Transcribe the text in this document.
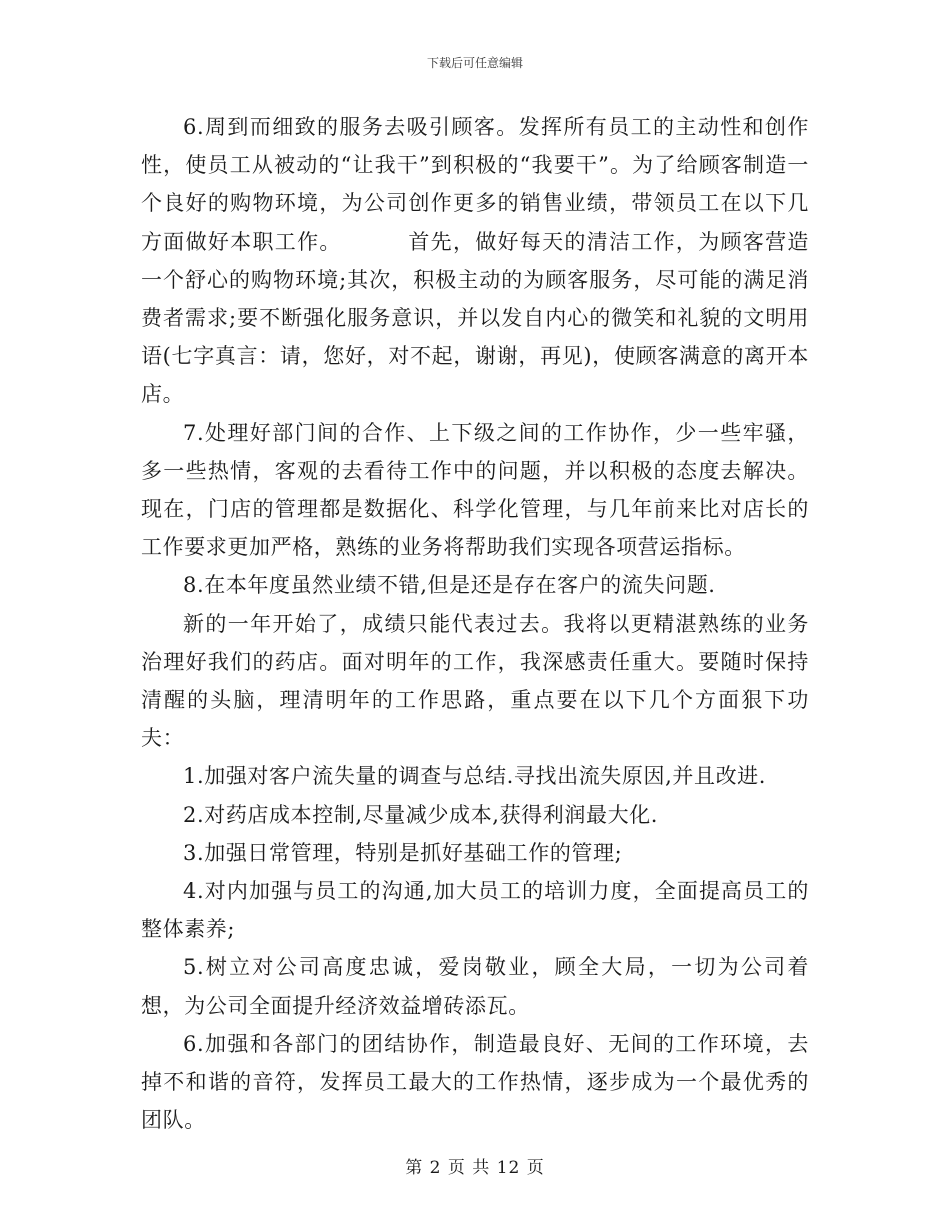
下载后可任意编辑

6.周到而细致的服务去吸引顾客。发挥所有员工的主动性和创作性，使员工从被动的“让我干”到积极的“我要干”。为了给顾客制造一个良好的购物环境，为公司创作更多的销售业绩，带领员工在以下几方面做好本职工作。	首先，做好每天的清洁工作，为顾客营造一个舒心的购物环境;其次，积极主动的为顾客服务，尽可能的满足消费者需求;要不断强化服务意识，并以发自内心的微笑和礼貌的文明用语(七字真言：请，您好，对不起，谢谢，再见)，使顾客满意的离开本店。

7.处理好部门间的合作、上下级之间的工作协作，少一些牢骚，多一些热情，客观的去看待工作中的问题，并以积极的态度去解决。现在，门店的管理都是数据化、科学化管理，与几年前来比对店长的工作要求更加严格，熟练的业务将帮助我们实现各项营运指标。

8.在本年度虽然业绩不错,但是还是存在客户的流失问题.

新的一年开始了，成绩只能代表过去。我将以更精湛熟练的业务治理好我们的药店。面对明年的工作，我深感责任重大。要随时保持清醒的头脑，理清明年的工作思路，重点要在以下几个方面狠下功夫：

1.加强对客户流失量的调查与总结.寻找出流失原因,并且改进.

2.对药店成本控制,尽量减少成本,获得利润最大化.

3.加强日常管理，特别是抓好基础工作的管理;

4.对内加强与员工的沟通,加大员工的培训力度，全面提高员工的整体素养;

5.树立对公司高度忠诚，爱岗敬业，顾全大局，一切为公司着想，为公司全面提升经济效益增砖添瓦。

6.加强和各部门的团结协作，制造最良好、无间的工作环境，去掉不和谐的音符，发挥员工最大的工作热情，逐步成为一个最优秀的团队。

第 2 页 共 12 页
